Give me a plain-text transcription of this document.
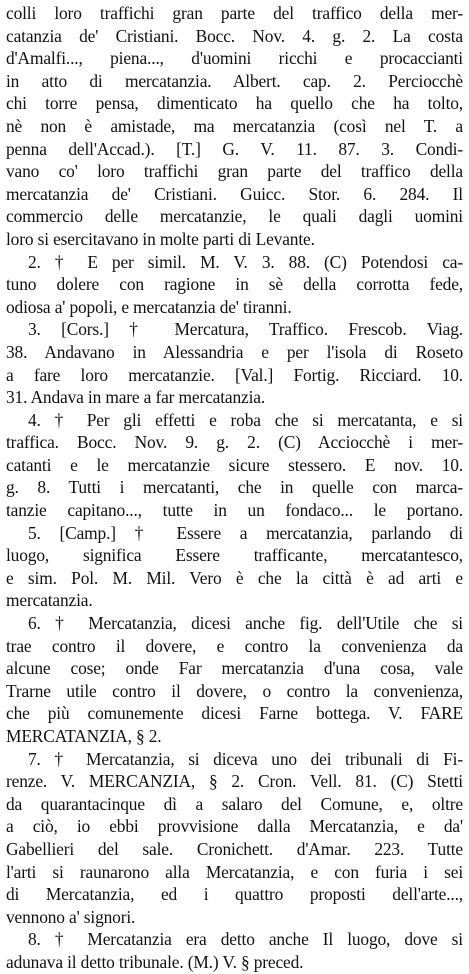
colli loro traffichi gran parte del traffico della mer-
catanzia de' Cristiani. Bocc. Nov. 4. g. 2. La costa
d'Amalfi..., piena..., d'uomini ricchi e procaccianti
in atto di mercatanzia. Albert. cap. 2. Perciocchè
chi torre pensa, dimenticato ha quello che ha tolto,
nè non è amistade, ma mercatanzia (così nel T. a
penna dell'Accad.). [T.] G. V. 11. 87. 3. Condi-
vano co' loro traffichi gran parte del traffico della
mercatanzia de' Cristiani. Guicc. Stor. 6. 284. Il
commercio delle mercatanzie, le quali dagli uomini
loro si esercitavano in molte parti di Levante.
2. † E per simil. M. V. 3. 88. (C) Potendosi ca-
tuno dolere con ragione in sè della corrotta fede,
odiosa a' popoli, e mercatanzia de' tiranni.
3. [Cors.] † Mercatura, Traffico. Frescob. Viag.
38. Andavano in Alessandria e per l'isola di Roseto
a fare loro mercatanzie. [Val.] Fortig. Ricciard. 10.
31. Andava in mare a far mercatanzia.
4. † Per gli effetti e roba che si mercatanta, e si
traffica. Bocc. Nov. 9. g. 2. (C) Acciocchè i mer-
catanti e le mercatanzie sicure stessero. E nov. 10.
g. 8. Tutti i mercatanti, che in quelle con marca-
tanzie capitano..., tutte in un fondaco... le portano.
5. [Camp.] † Essere a mercatanzia, parlando di
luogo, significa Essere trafficante, mercatantesco,
e sim. Pol. M. Mil. Vero è che la città è ad arti e
mercatanzia.
6. † Mercatanzia, dicesi anche fig. dell'Utile che si
trae contro il dovere, e contro la convenienza da
alcune cose; onde Far mercatanzia d'una cosa, vale
Trarne utile contro il dovere, o contro la convenienza,
che più comunemente dicesi Farne bottega. V. FARE
MERCATANZIA, § 2.
7. † Mercatanzia, si diceva uno dei tribunali di Fi-
renze. V. MERCANZIA, § 2. Cron. Vell. 81. (C) Stetti
da quarantacinque dì a salaro del Comune, e, oltre
a ciò, io ebbi provvisione dalla Mercatanzia, e da'
Gabellieri del sale. Cronichett. d'Amar. 223. Tutte
l'arti si raunarono alla Mercatanzia, e con furia i sei
di Mercatanzia, ed i quattro proposti dell'arte...,
vennono a' signori.
8. † Mercatanzia era detto anche Il luogo, dove si
adunava il detto tribunale. (M.) V. § preced.
